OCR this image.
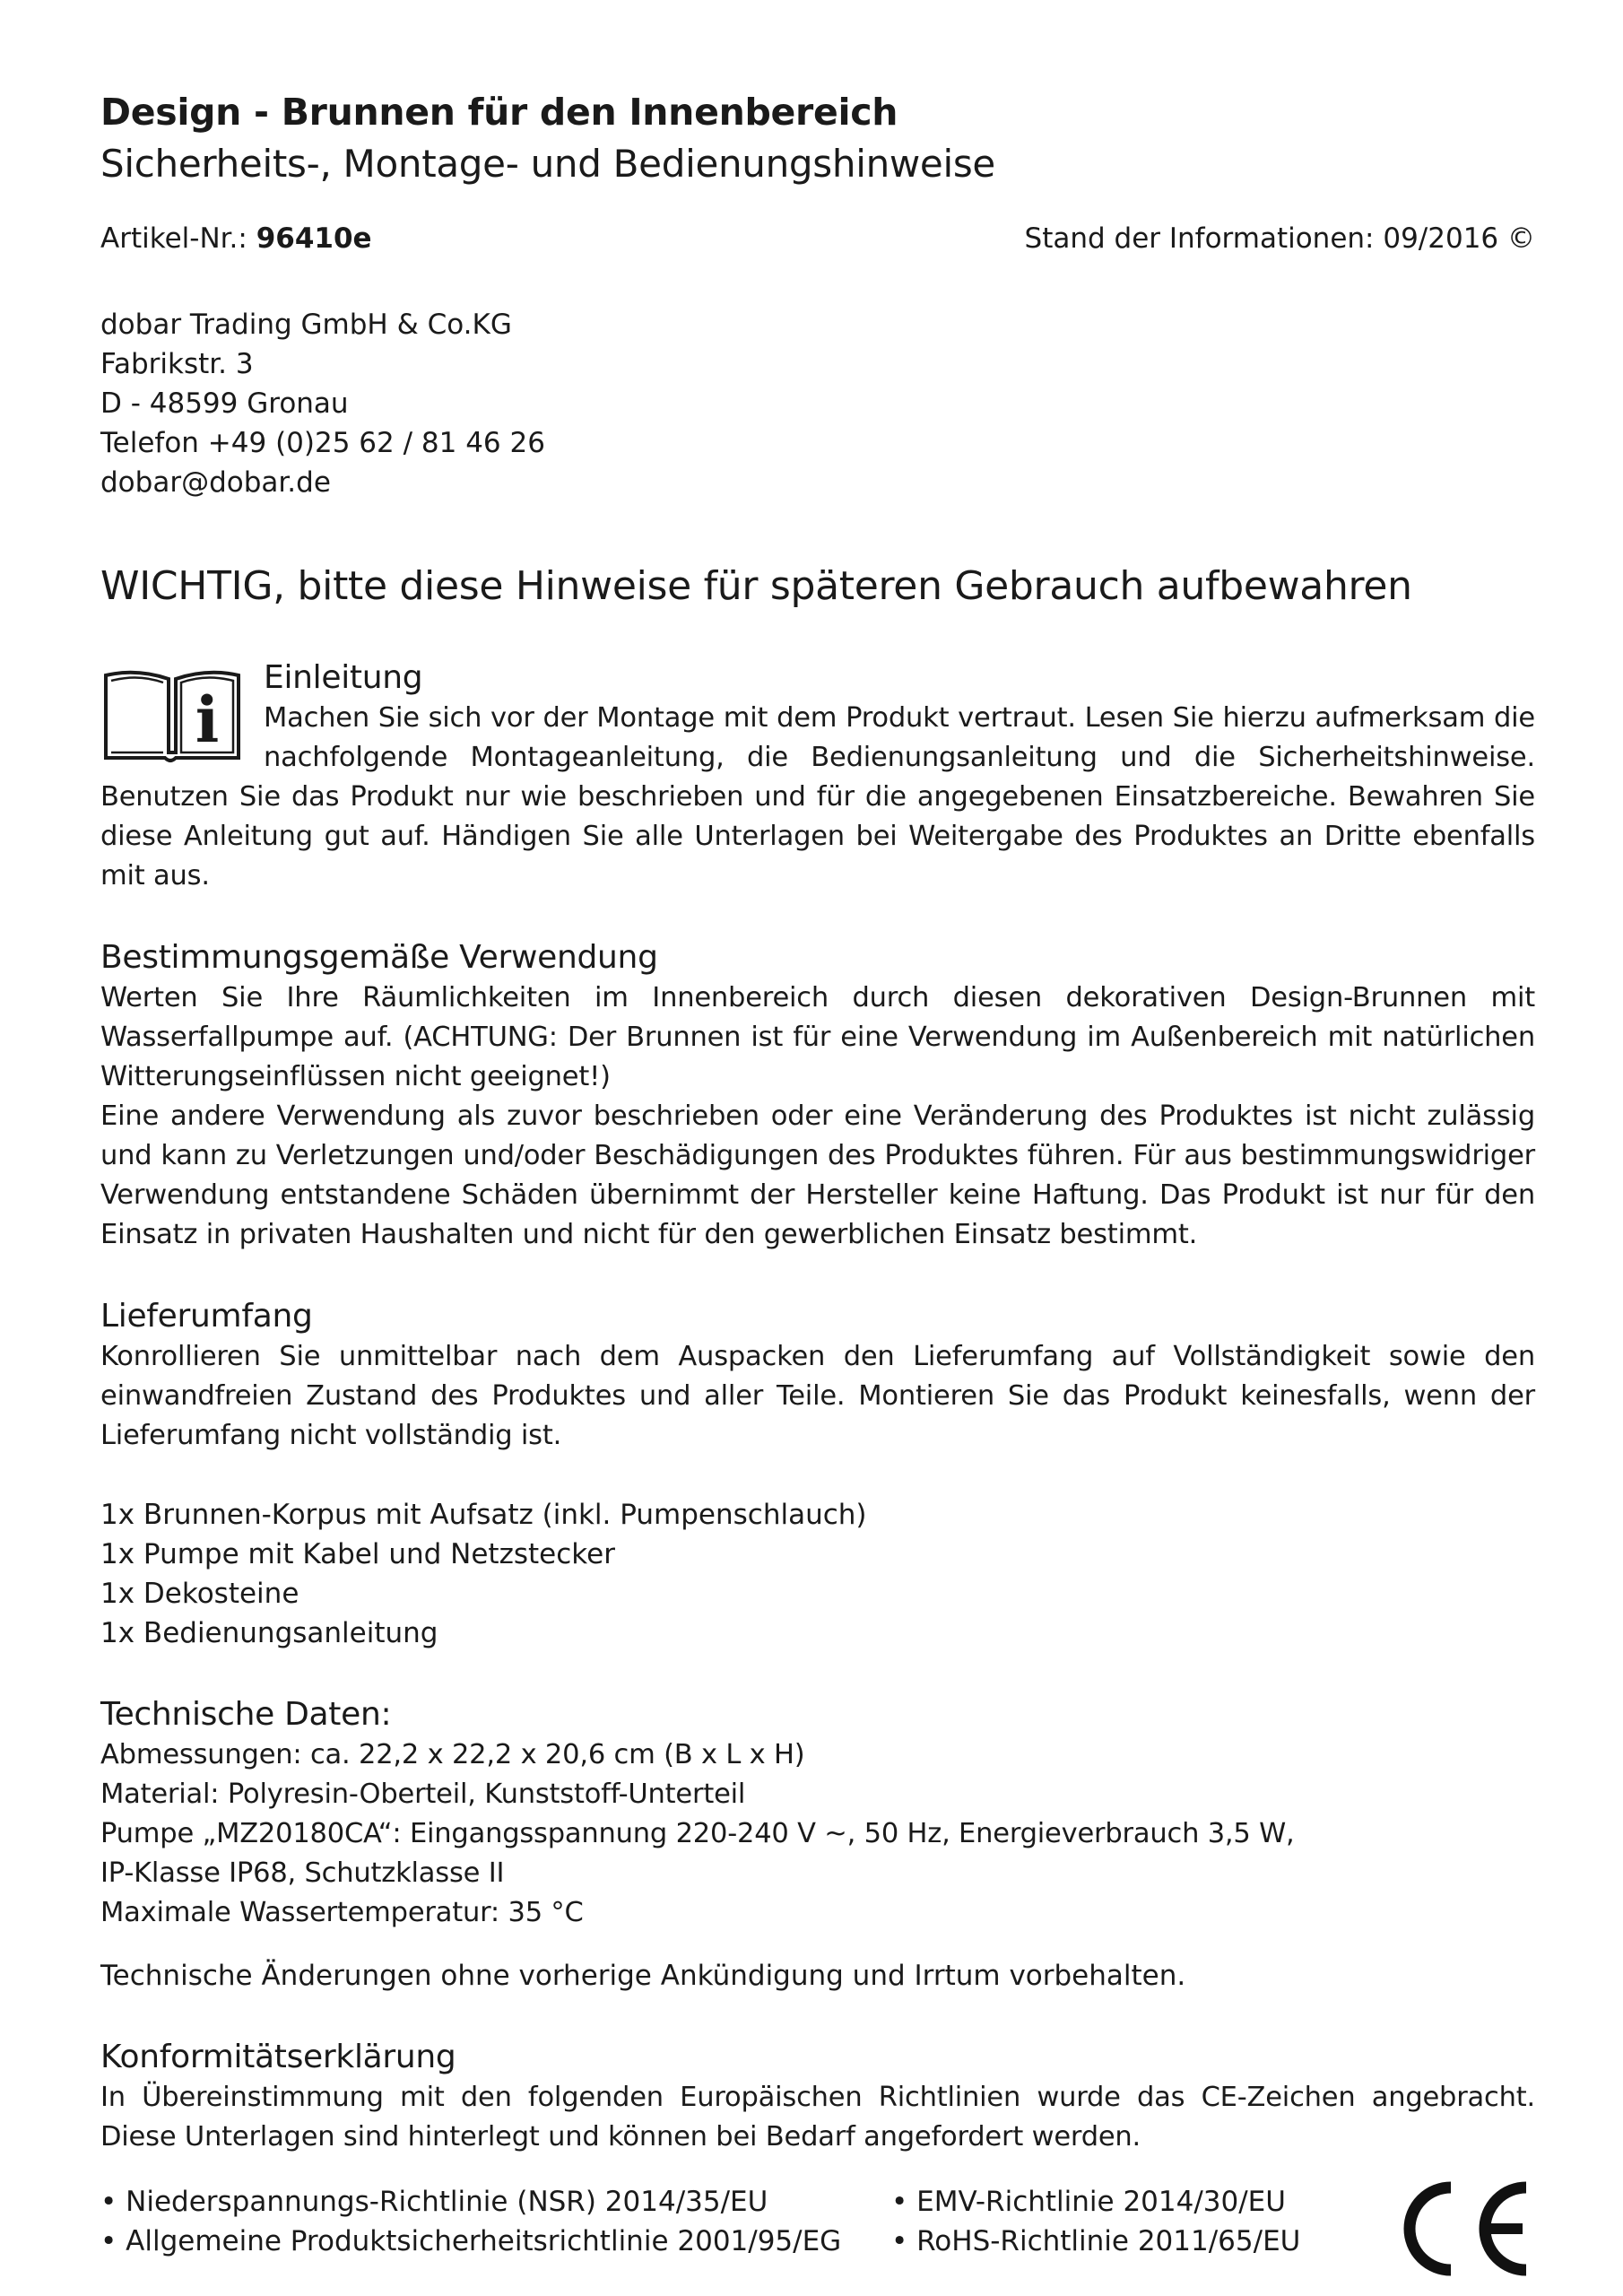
Design - Brunnen für den Innenbereich
Sicherheits-, Montage- und Bedienungshinweise
Artikel-Nr.: 96410e	Stand der Informationen: 09/2016 ©
dobar Trading GmbH & Co.KG
Fabrikstr. 3
D - 48599 Gronau
Telefon +49 (0)25 62 / 81 46 26
dobar@dobar.de
WICHTIG, bitte diese Hinweise für späteren Gebrauch aufbewahren
i
Einleitung
Machen Sie sich vor der Montage mit dem Produkt vertraut. Lesen Sie hierzu aufmerksam die nachfolgende Montageanleitung, die Bedienungsanleitung und die Sicherheitshinweise. Benutzen Sie das Produkt nur wie beschrieben und für die angegebenen Einsatzbereiche. Bewahren Sie diese Anleitung gut auf. Händigen Sie alle Unterlagen bei Weitergabe des Produktes an Dritte ebenfalls mit aus.
Bestimmungsgemäße Verwendung
Werten Sie Ihre Räumlichkeiten im Innenbereich durch diesen dekorativen Design-Brunnen mit Wasserfallpumpe auf. (ACHTUNG: Der Brunnen ist für eine Verwendung im Außenbereich mit natürlichen Witterungseinflüssen nicht geeignet!)
Eine andere Verwendung als zuvor beschrieben oder eine Veränderung des Produktes ist nicht zulässig und kann zu Verletzungen und/oder Beschädigungen des Produktes führen. Für aus bestimmungswidriger Verwendung entstandene Schäden übernimmt der Hersteller keine Haftung. Das Produkt ist nur für den Einsatz in privaten Haushalten und nicht für den gewerblichen Einsatz bestimmt.
Lieferumfang
Konrollieren Sie unmittelbar nach dem Auspacken den Lieferumfang auf Vollständigkeit sowie den einwandfreien Zustand des Produktes und aller Teile. Montieren Sie das Produkt keinesfalls, wenn der Lieferumfang nicht vollständig ist.
1x Brunnen-Korpus mit Aufsatz (inkl. Pumpenschlauch)
1x Pumpe mit Kabel und Netzstecker
1x Dekosteine
1x Bedienungsanleitung
Technische Daten:
Abmessungen: ca. 22,2 x 22,2 x 20,6 cm (B x L x H)
Material: Polyresin-Oberteil, Kunststoff-Unterteil
Pumpe „MZ20180CA“: Eingangsspannung 220-240 V ~, 50 Hz, Energieverbrauch 3,5 W,
IP-Klasse IP68, Schutzklasse II
Maximale Wassertemperatur: 35 °C
Technische Änderungen ohne vorherige Ankündigung und Irrtum vorbehalten.
Konformitätserklärung
In Übereinstimmung mit den folgenden Europäischen Richtlinien wurde das CE-Zeichen angebracht. Diese Unterlagen sind hinterlegt und können bei Bedarf angefordert werden.
• Niederspannungs-Richtlinie (NSR) 2014/35/EU
• Allgemeine Produktsicherheitsrichtlinie 2001/95/EG
• EMV-Richtlinie 2014/30/EU
• RoHS-Richtlinie 2011/65/EU
